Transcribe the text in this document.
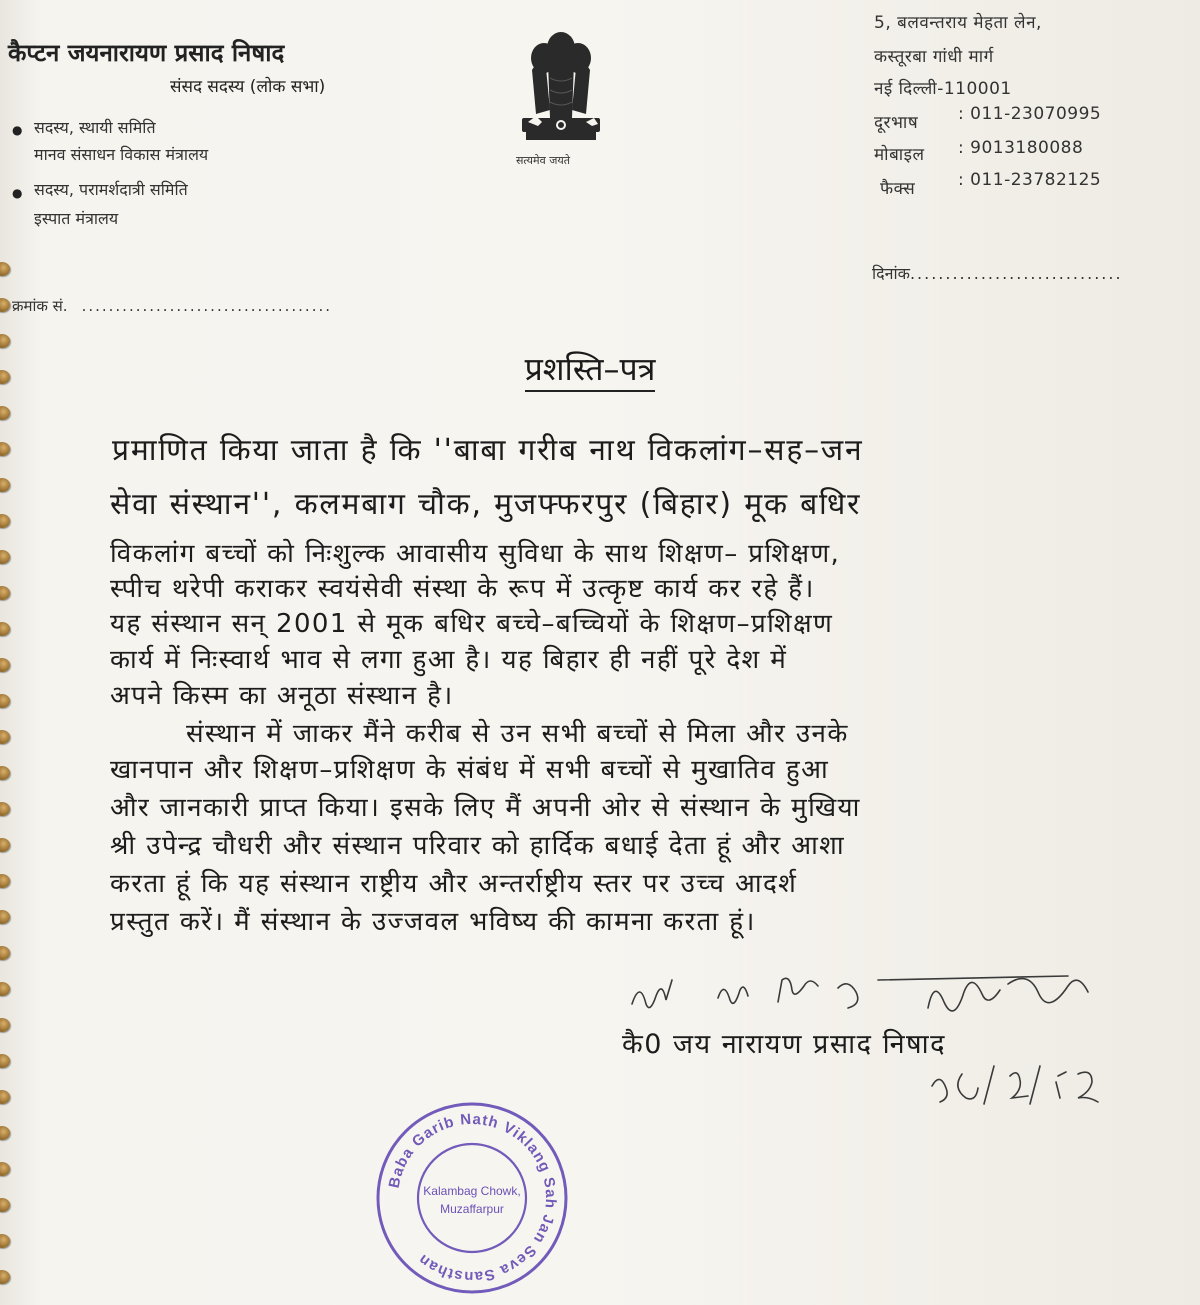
कैप्टन जयनारायण प्रसाद निषाद
संसद सदस्य (लोक सभा)
● सदस्य, स्थायी समिति
मानव संसाधन विकास मंत्रालय
● सदस्य, परामर्शदात्री समिति
इस्पात मंत्रालय
सत्यमेव जयते
5, बलवन्तराय मेहता लेन,
कस्तूरबा गांधी मार्ग
नई दिल्ली-110001
दूरभाष : 011-23070995
मोबाइल : 9013180088
फैक्स	: 011-23782125
दिनांक..............................
क्रमांक सं. .....................................
प्रशस्ति–पत्र
प्रमाणित किया जाता है कि ''बाबा गरीब नाथ विकलांग–सह–जन
सेवा संस्थान'', कलमबाग चौक, मुजफ्फरपुर (बिहार) मूक बधिर
विकलांग बच्चों को निःशुल्क आवासीय सुविधा के साथ शिक्षण– प्रशिक्षण,
स्पीच थरेपी कराकर स्वयंसेवी संस्था के रूप में उत्कृष्ट कार्य कर रहे हैं।
यह संस्थान सन् 2001 से मूक बधिर बच्चे–बच्चियों के शिक्षण–प्रशिक्षण
कार्य में निःस्वार्थ भाव से लगा हुआ है। यह बिहार ही नहीं पूरे देश में
अपने किस्म का अनूठा संस्थान है।
संस्थान में जाकर मैंने करीब से उन सभी बच्चों से मिला और उनके
खानपान और शिक्षण–प्रशिक्षण के संबंध में सभी बच्चों से मुखातिव हुआ
और जानकारी प्राप्त किया। इसके लिए मैं अपनी ओर से संस्थान के मुखिया
श्री उपेन्द्र चौधरी और संस्थान परिवार को हार्दिक बधाई देता हूं और आशा
करता हूं कि यह संस्थान राष्ट्रीय और अन्तर्राष्ट्रीय स्तर पर उच्च आदर्श
प्रस्तुत करें। मैं संस्थान के उज्जवल भविष्य की कामना करता हूं।
कै0 जय नारायण प्रसाद निषाद
Baba Garib Nath Viklang Sah Jan Seva Sansthan
Kalambag Chowk,
Muzaffarpur
